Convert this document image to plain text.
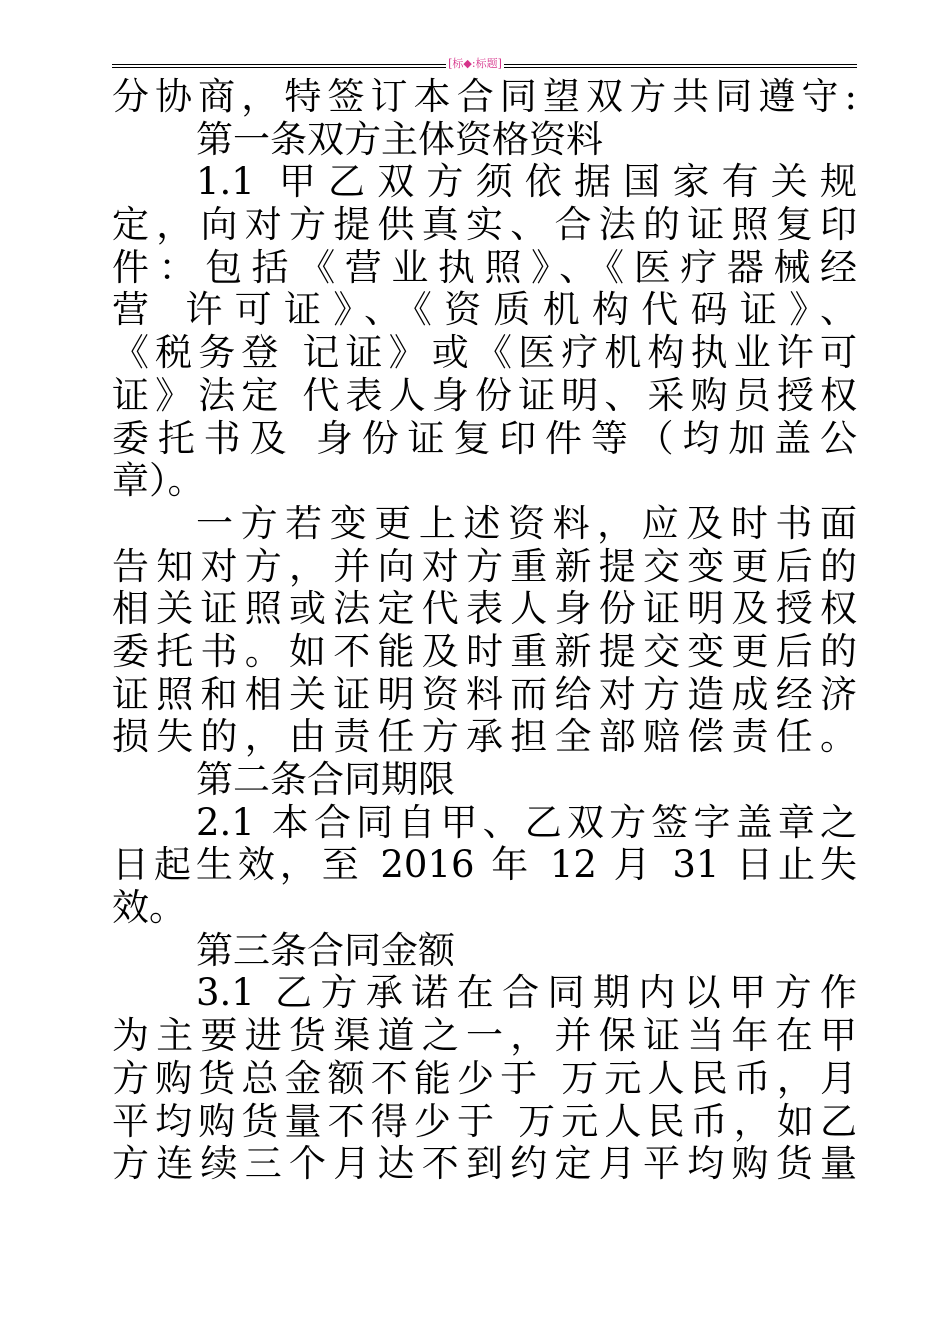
[标◆:标题]
分协商，特签订本合同望双方共同遵守:
第一条双方主体资格资料
1.1 甲乙双方须依据国家有关规
定，向对方提供真实、合法的证照复印
件：包括《营业执照》、《医疗器械经
营 许可证》、《资质机构代码证》、
《税务登 记证》或《医疗机构执业许可
证》法定 代表人身份证明、采购员授权
委托书及 身份证复印件等（均加盖公
章）。
一方若变更上述资料，应及时书面
告知对方，并向对方重新提交变更后的
相关证照或法定代表人身份证明及授权
委托书。如不能及时重新提交变更后的
证照和相关证明资料而给对方造成经济
损失的，由责任方承担全部赔偿责任。
第二条合同期限
2.1 本合同自甲、乙双方签字盖章之
日起生效，至 2016 年 12 月 31 日止失
效。
第三条合同金额
3.1 乙方承诺在合同期内以甲方作
为主要进货渠道之一，并保证当年在甲
方购货总金额不能少于 万元人民币，月
平均购货量不得少于 万元人民币，如乙
方连续三个月达不到约定月平均购货量
